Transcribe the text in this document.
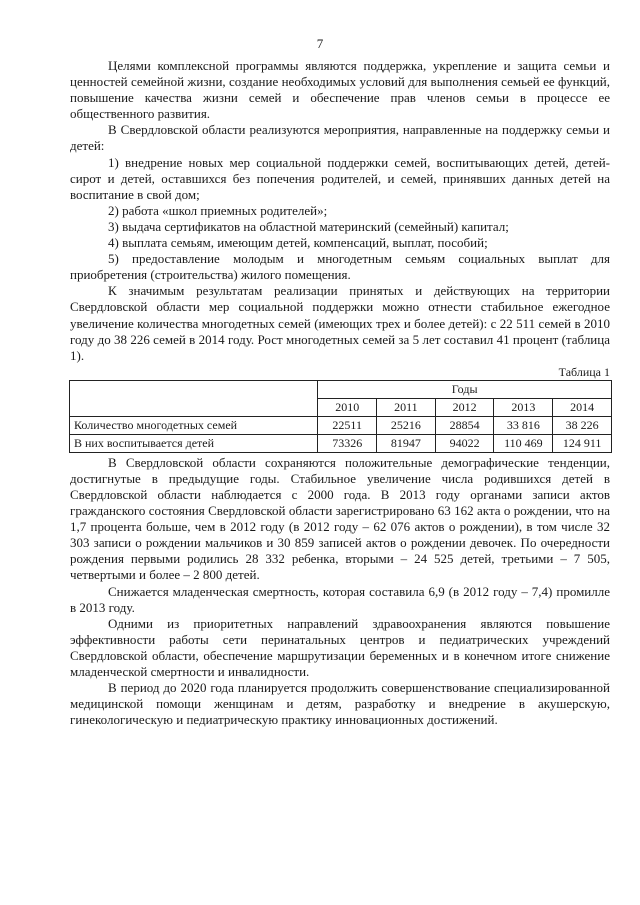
7

Целями комплексной программы являются поддержка, укрепление и защита семьи и ценностей семейной жизни, создание необходимых условий для выполнения семьей ее функций, повышение качества жизни семей и обеспечение прав членов семьи в процессе ее общественного развития.

В Свердловской области реализуются мероприятия, направленные на поддержку семьи и детей:

1) внедрение новых мер социальной поддержки семей, воспитывающих детей, детей-сирот и детей, оставшихся без попечения родителей, и семей, принявших данных детей на воспитание в свой дом;

2) работа «школ приемных родителей»;

3) выдача сертификатов на областной материнский (семейный) капитал;

4) выплата семьям, имеющим детей, компенсаций, выплат, пособий;

5) предоставление молодым и многодетным семьям социальных выплат для приобретения (строительства) жилого помещения.

К значимым результатам реализации принятых и действующих на территории Свердловской области мер социальной поддержки можно отнести стабильное ежегодное увеличение количества многодетных семей (имеющих трех и более детей): с 22 511 семей в 2010 году до 38 226 семей в 2014 году. Рост многодетных семей за 5 лет составил 41 процент (таблица 1).

Таблица 1
	Годы				
	2010	2011	2012	2013	2014
Количество многодетных семей	22511	25216	28854	33 816	38 226
В них воспитывается детей	73326	81947	94022	110 469	124 911

В Свердловской области сохраняются положительные демографические тенденции, достигнутые в предыдущие годы. Стабильное увеличение числа родившихся детей в Свердловской области наблюдается с 2000 года. В 2013 году органами записи актов гражданского состояния Свердловской области зарегистрировано 63 162 акта о рождении, что на 1,7 процента больше, чем в 2012 году (в 2012 году – 62 076 актов о рождении), в том числе 32 303 записи о рождении мальчиков и 30 859 записей актов о рождении девочек. По очередности рождения первыми родились 28 332 ребенка, вторыми – 24 525 детей, третьими – 7 505, четвертыми и более – 2 800 детей.

Снижается младенческая смертность, которая составила 6,9 (в 2012 году – 7,4) промилле в 2013 году.

Одними из приоритетных направлений здравоохранения являются повышение эффективности работы сети перинатальных центров и педиатрических учреждений Свердловской области, обеспечение маршрутизации беременных и в конечном итоге снижение младенческой смертности и инвалидности.

В период до 2020 года планируется продолжить совершенствование специализированной медицинской помощи женщинам и детям, разработку и внедрение в акушерскую, гинекологическую и педиатрическую практику инновационных достижений.
